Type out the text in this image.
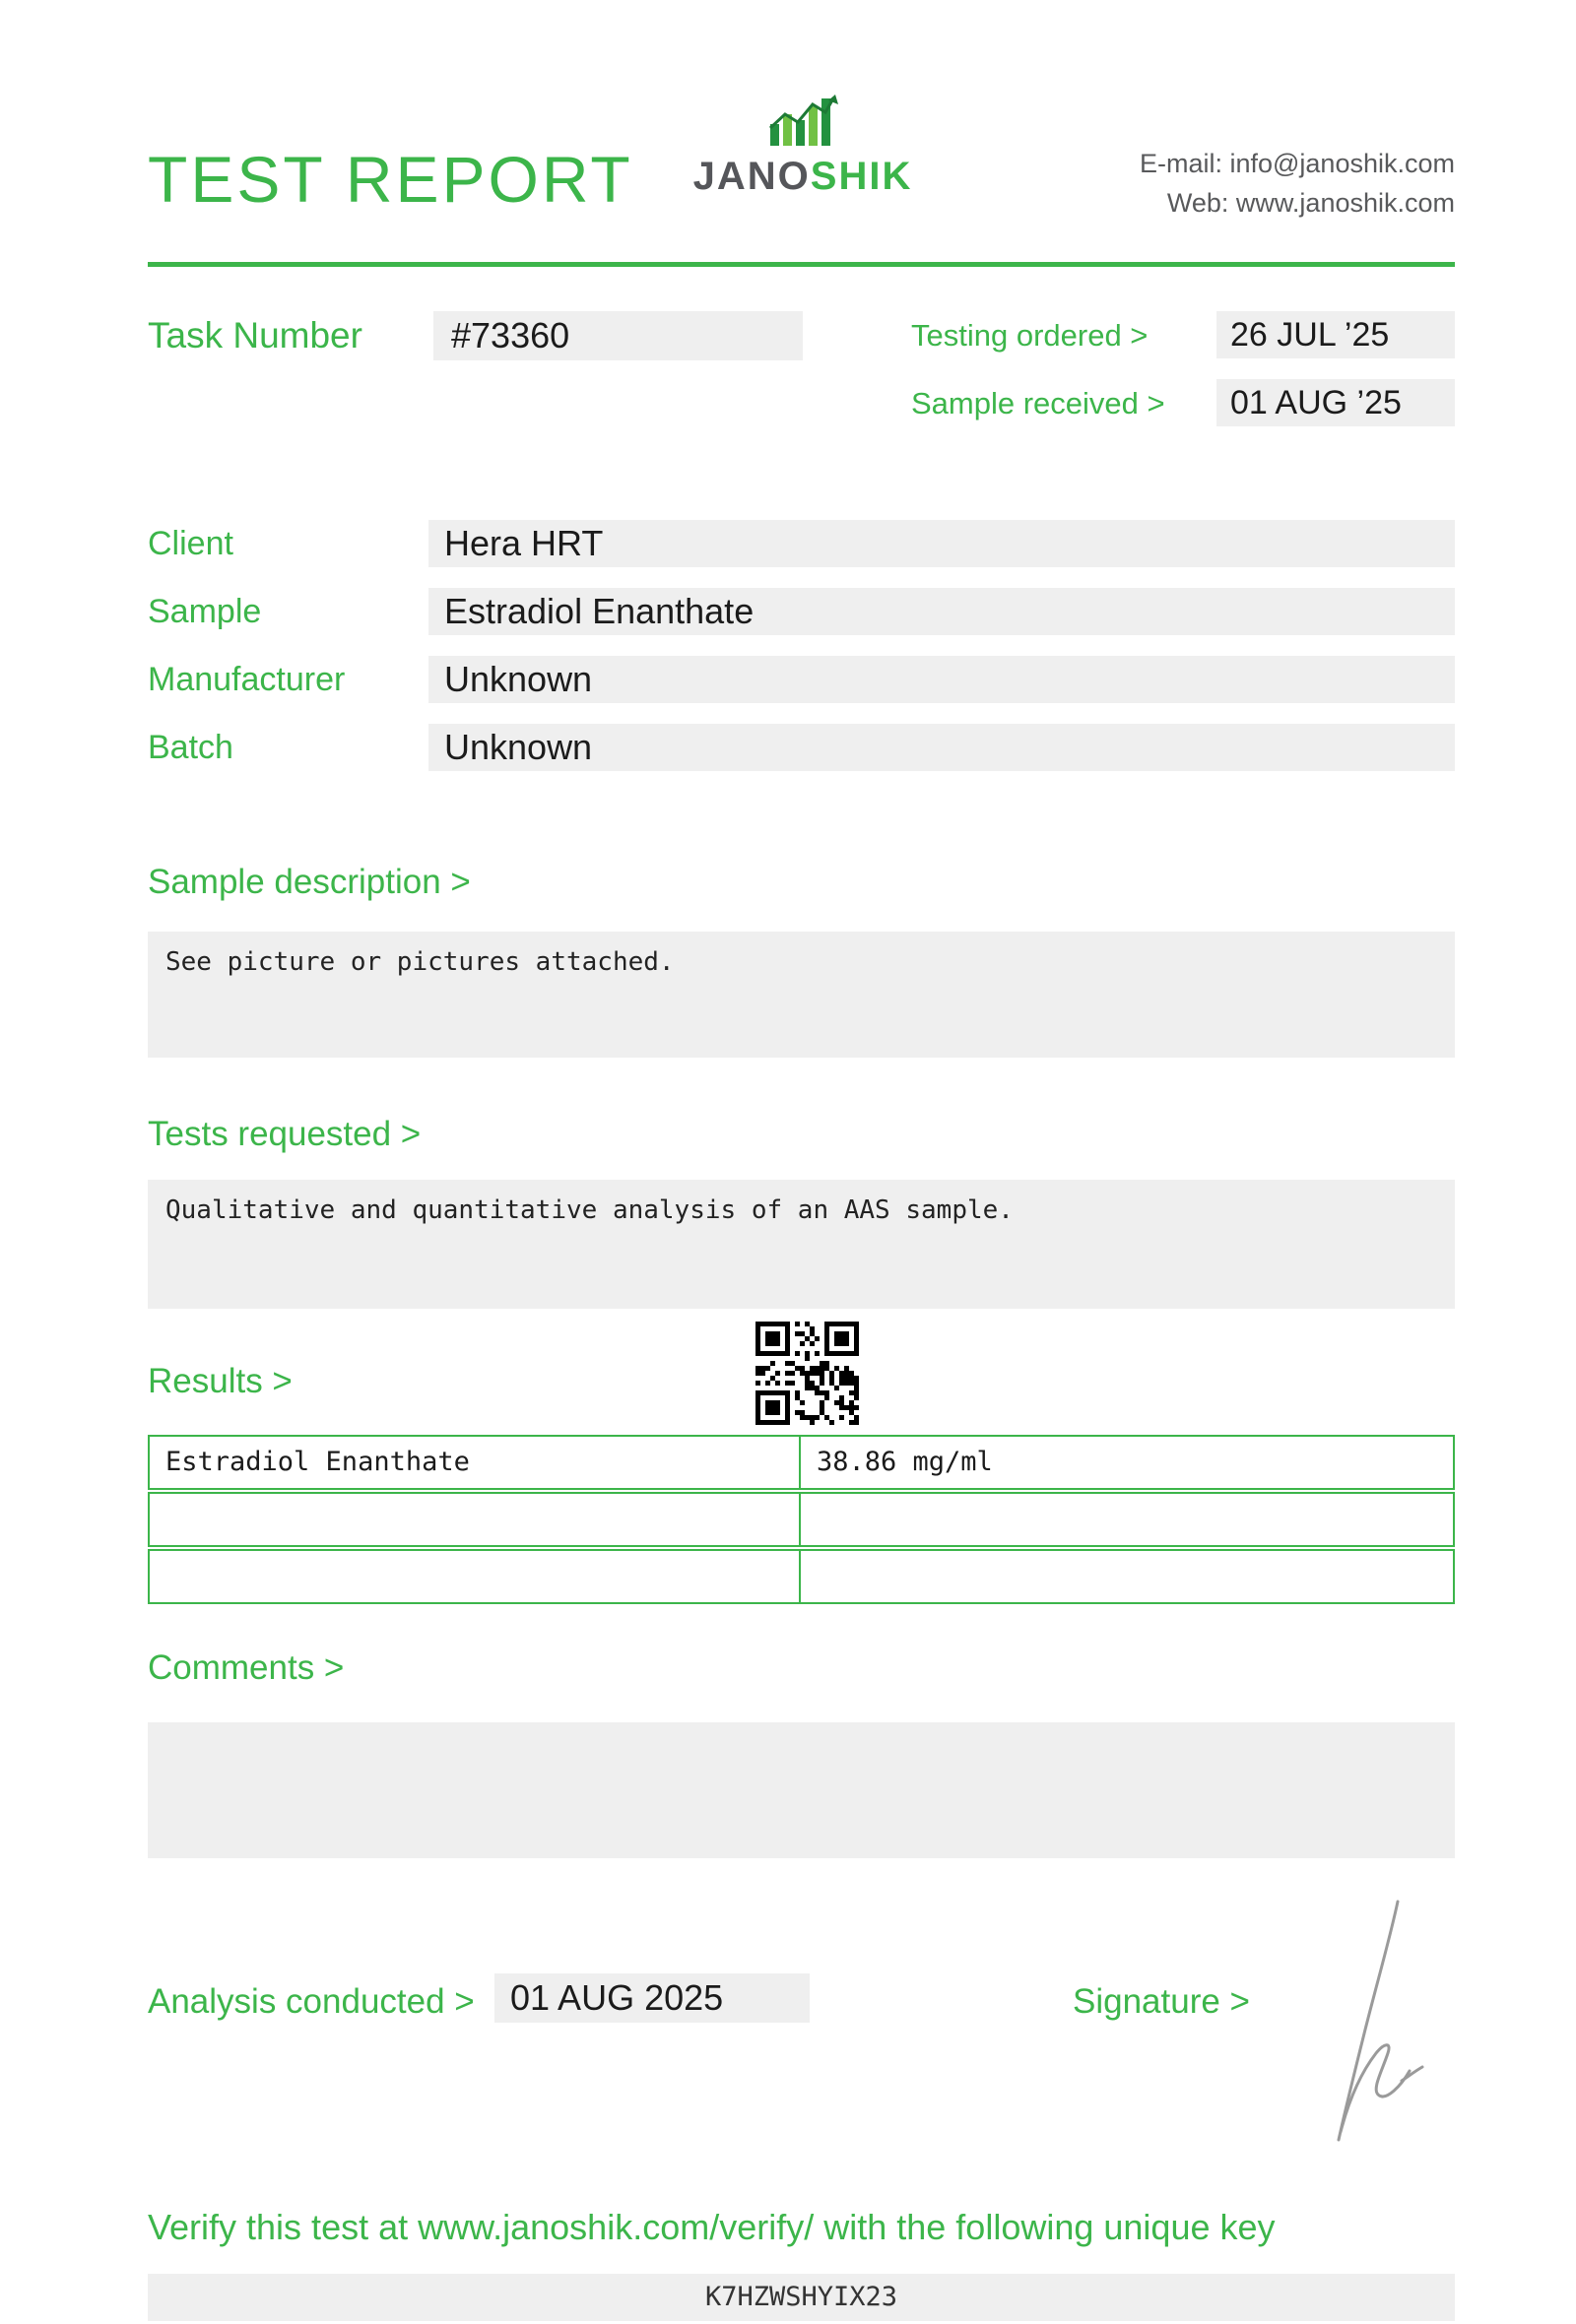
TEST REPORT	JANOSHIK	E-mail: info@janoshik.com
Web: www.janoshik.com
Task Number	#73360	Testing ordered >	26 JUL ’25
Sample received >	01 AUG ’25
Client	Hera HRT
Sample	Estradiol Enanthate
Manufacturer	Unknown
Batch	Unknown
Sample description >
See picture or pictures attached.
Tests requested >
Qualitative and quantitative analysis of an AAS sample.
Results >
Estradiol Enanthate	38.86 mg/ml
Comments >
Analysis conducted >	01 AUG 2025	Signature >
Verify this test at www.janoshik.com/verify/ with the following unique key
K7HZWSHYIX23
